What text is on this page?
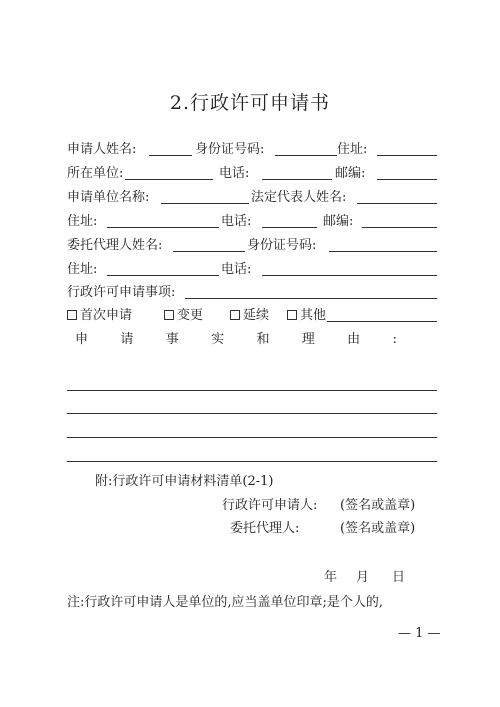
2.行政许可申请书
申请人姓名:	身份证号码:	住址:
所在单位:	电话:	邮编:
申请单位名称:	法定代表人姓名:
住址:	电话:	邮编:
委托代理人姓名:	身份证号码:
住址:	电话:
行政许可申请事项:
首次申请	变更	延续	其他
申 请 事 实 和 理 由 :
附:行政许可申请材料清单(2-1)
行政许可申请人: (签名或盖章)
委托代理人:	(签名或盖章)
年 月 日
注:行政许可申请人是单位的,应当盖单位印章;是个人的,
— 1 —
